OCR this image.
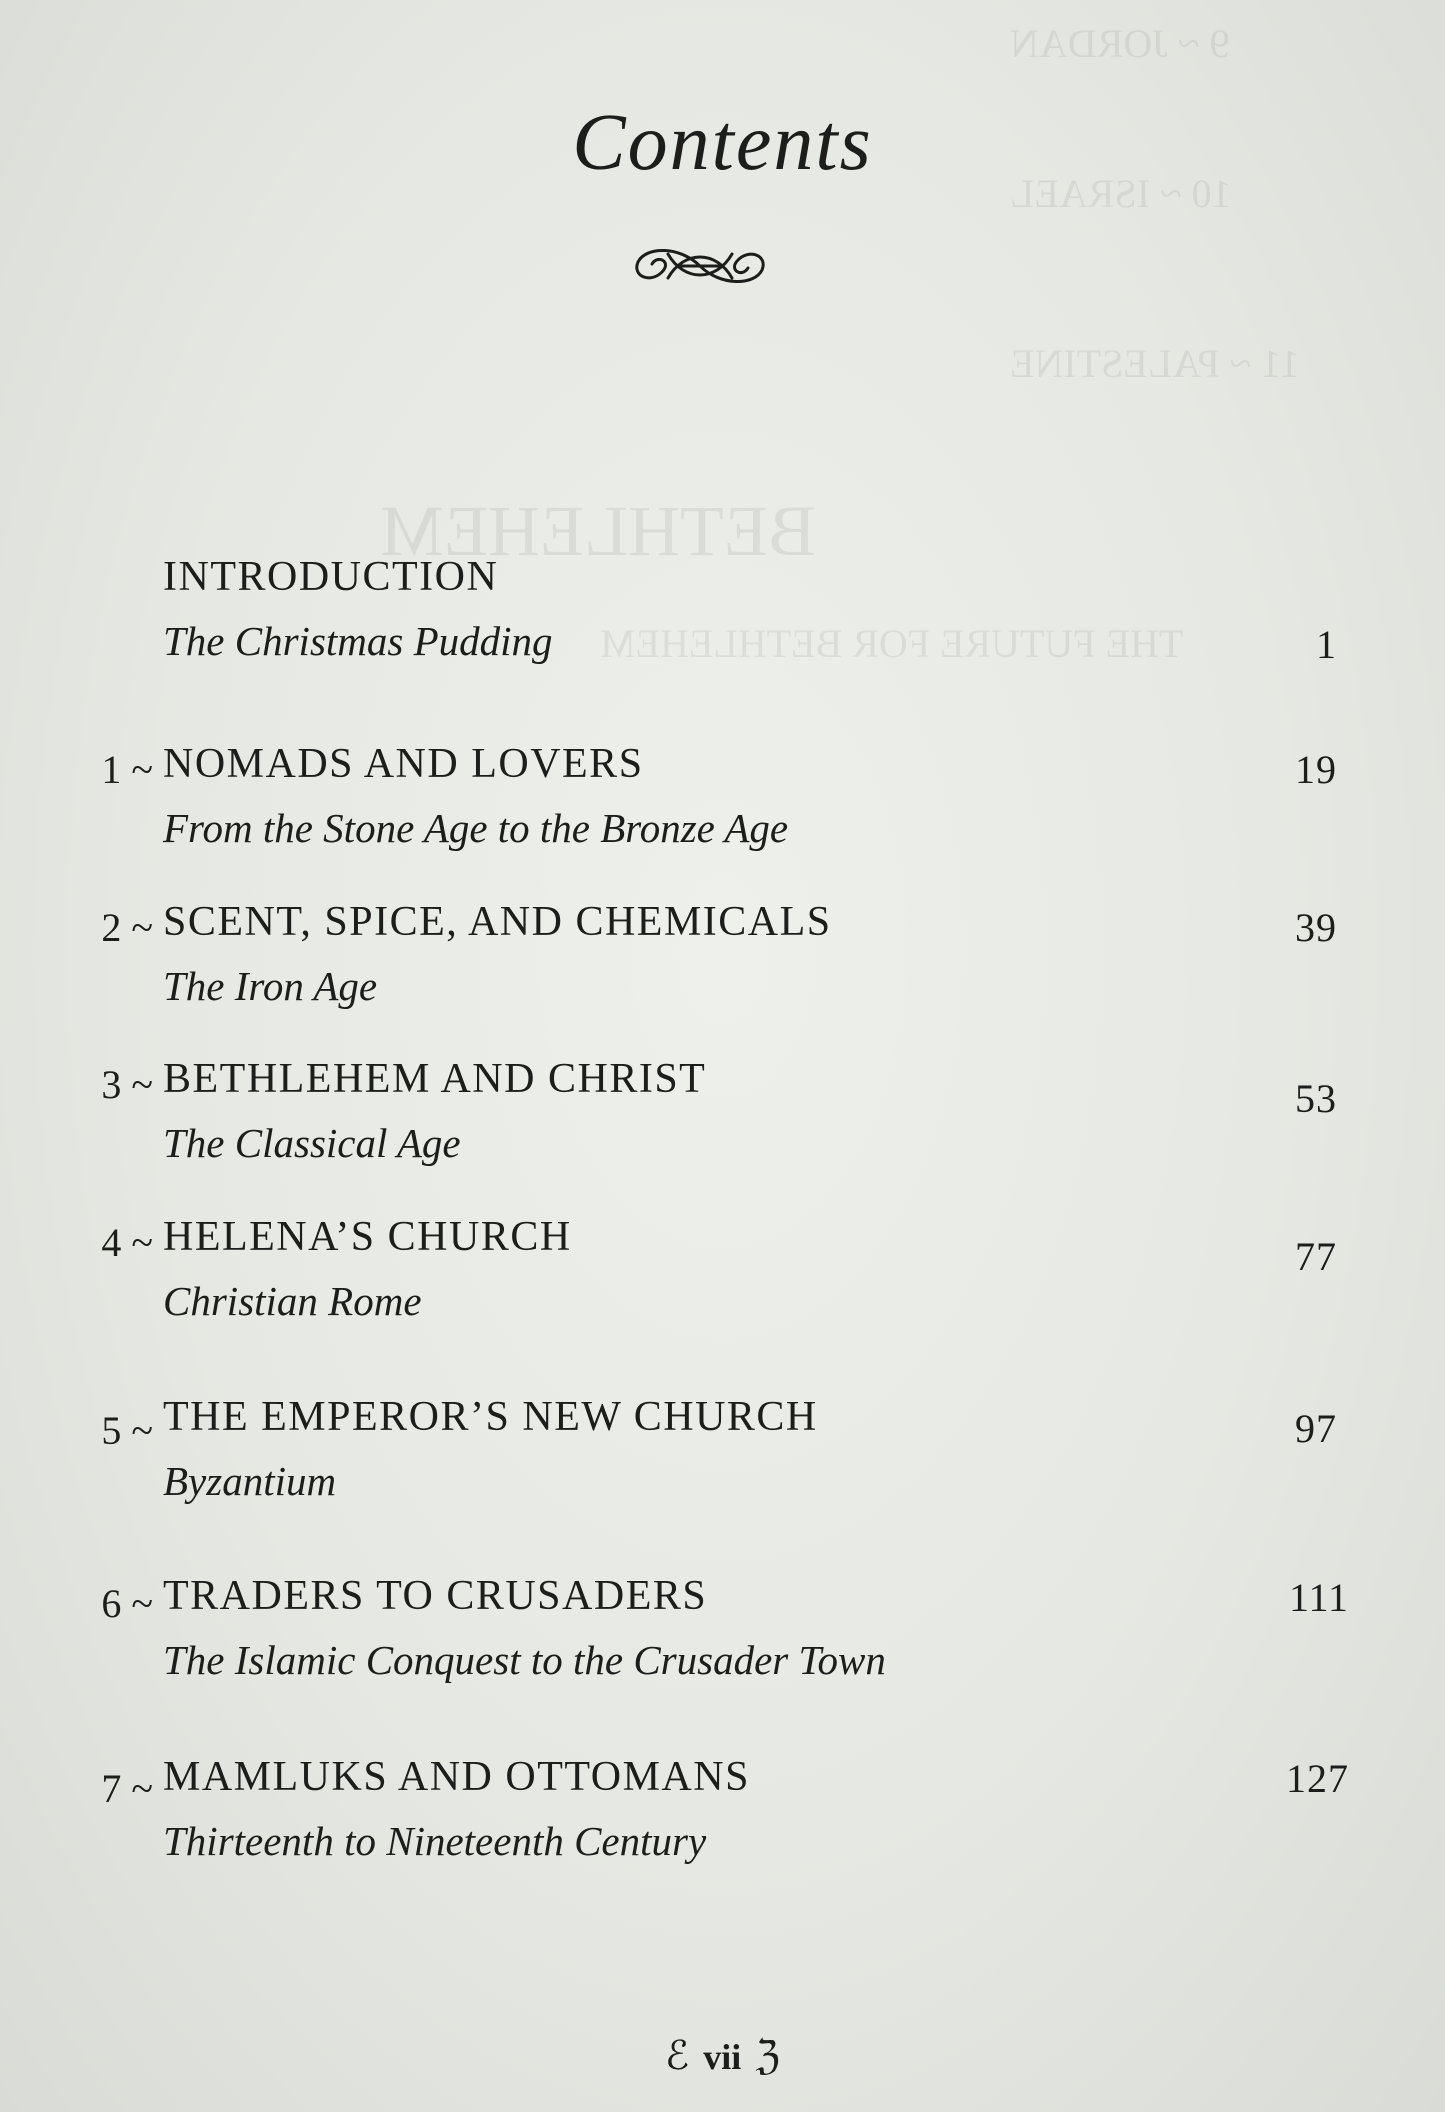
9 ~ JORDAN
10 ~ ISRAEL
11 ~ PALESTINE
BETHLEHEM
THE FUTURE FOR BETHLEHEM
Contents
INTRODUCTION
The Christmas Pudding	1
1 ~ NOMADS AND LOVERS
From the Stone Age to the Bronze Age
19
2 ~ SCENT, SPICE, AND CHEMICALS
The Iron Age
39
3 ~ BETHLEHEM AND CHRIST
The Classical Age
53
4 ~ HELENA’S CHURCH
Christian Rome
77
5 ~ THE EMPEROR’S NEW CHURCH
Byzantium
97
6 ~ TRADERS TO CRUSADERS
The Islamic Conquest to the Crusader Town
111
7 ~ MAMLUKS AND OTTOMANS
Thirteenth to Nineteenth Century
127
ℰ vii ℨ
